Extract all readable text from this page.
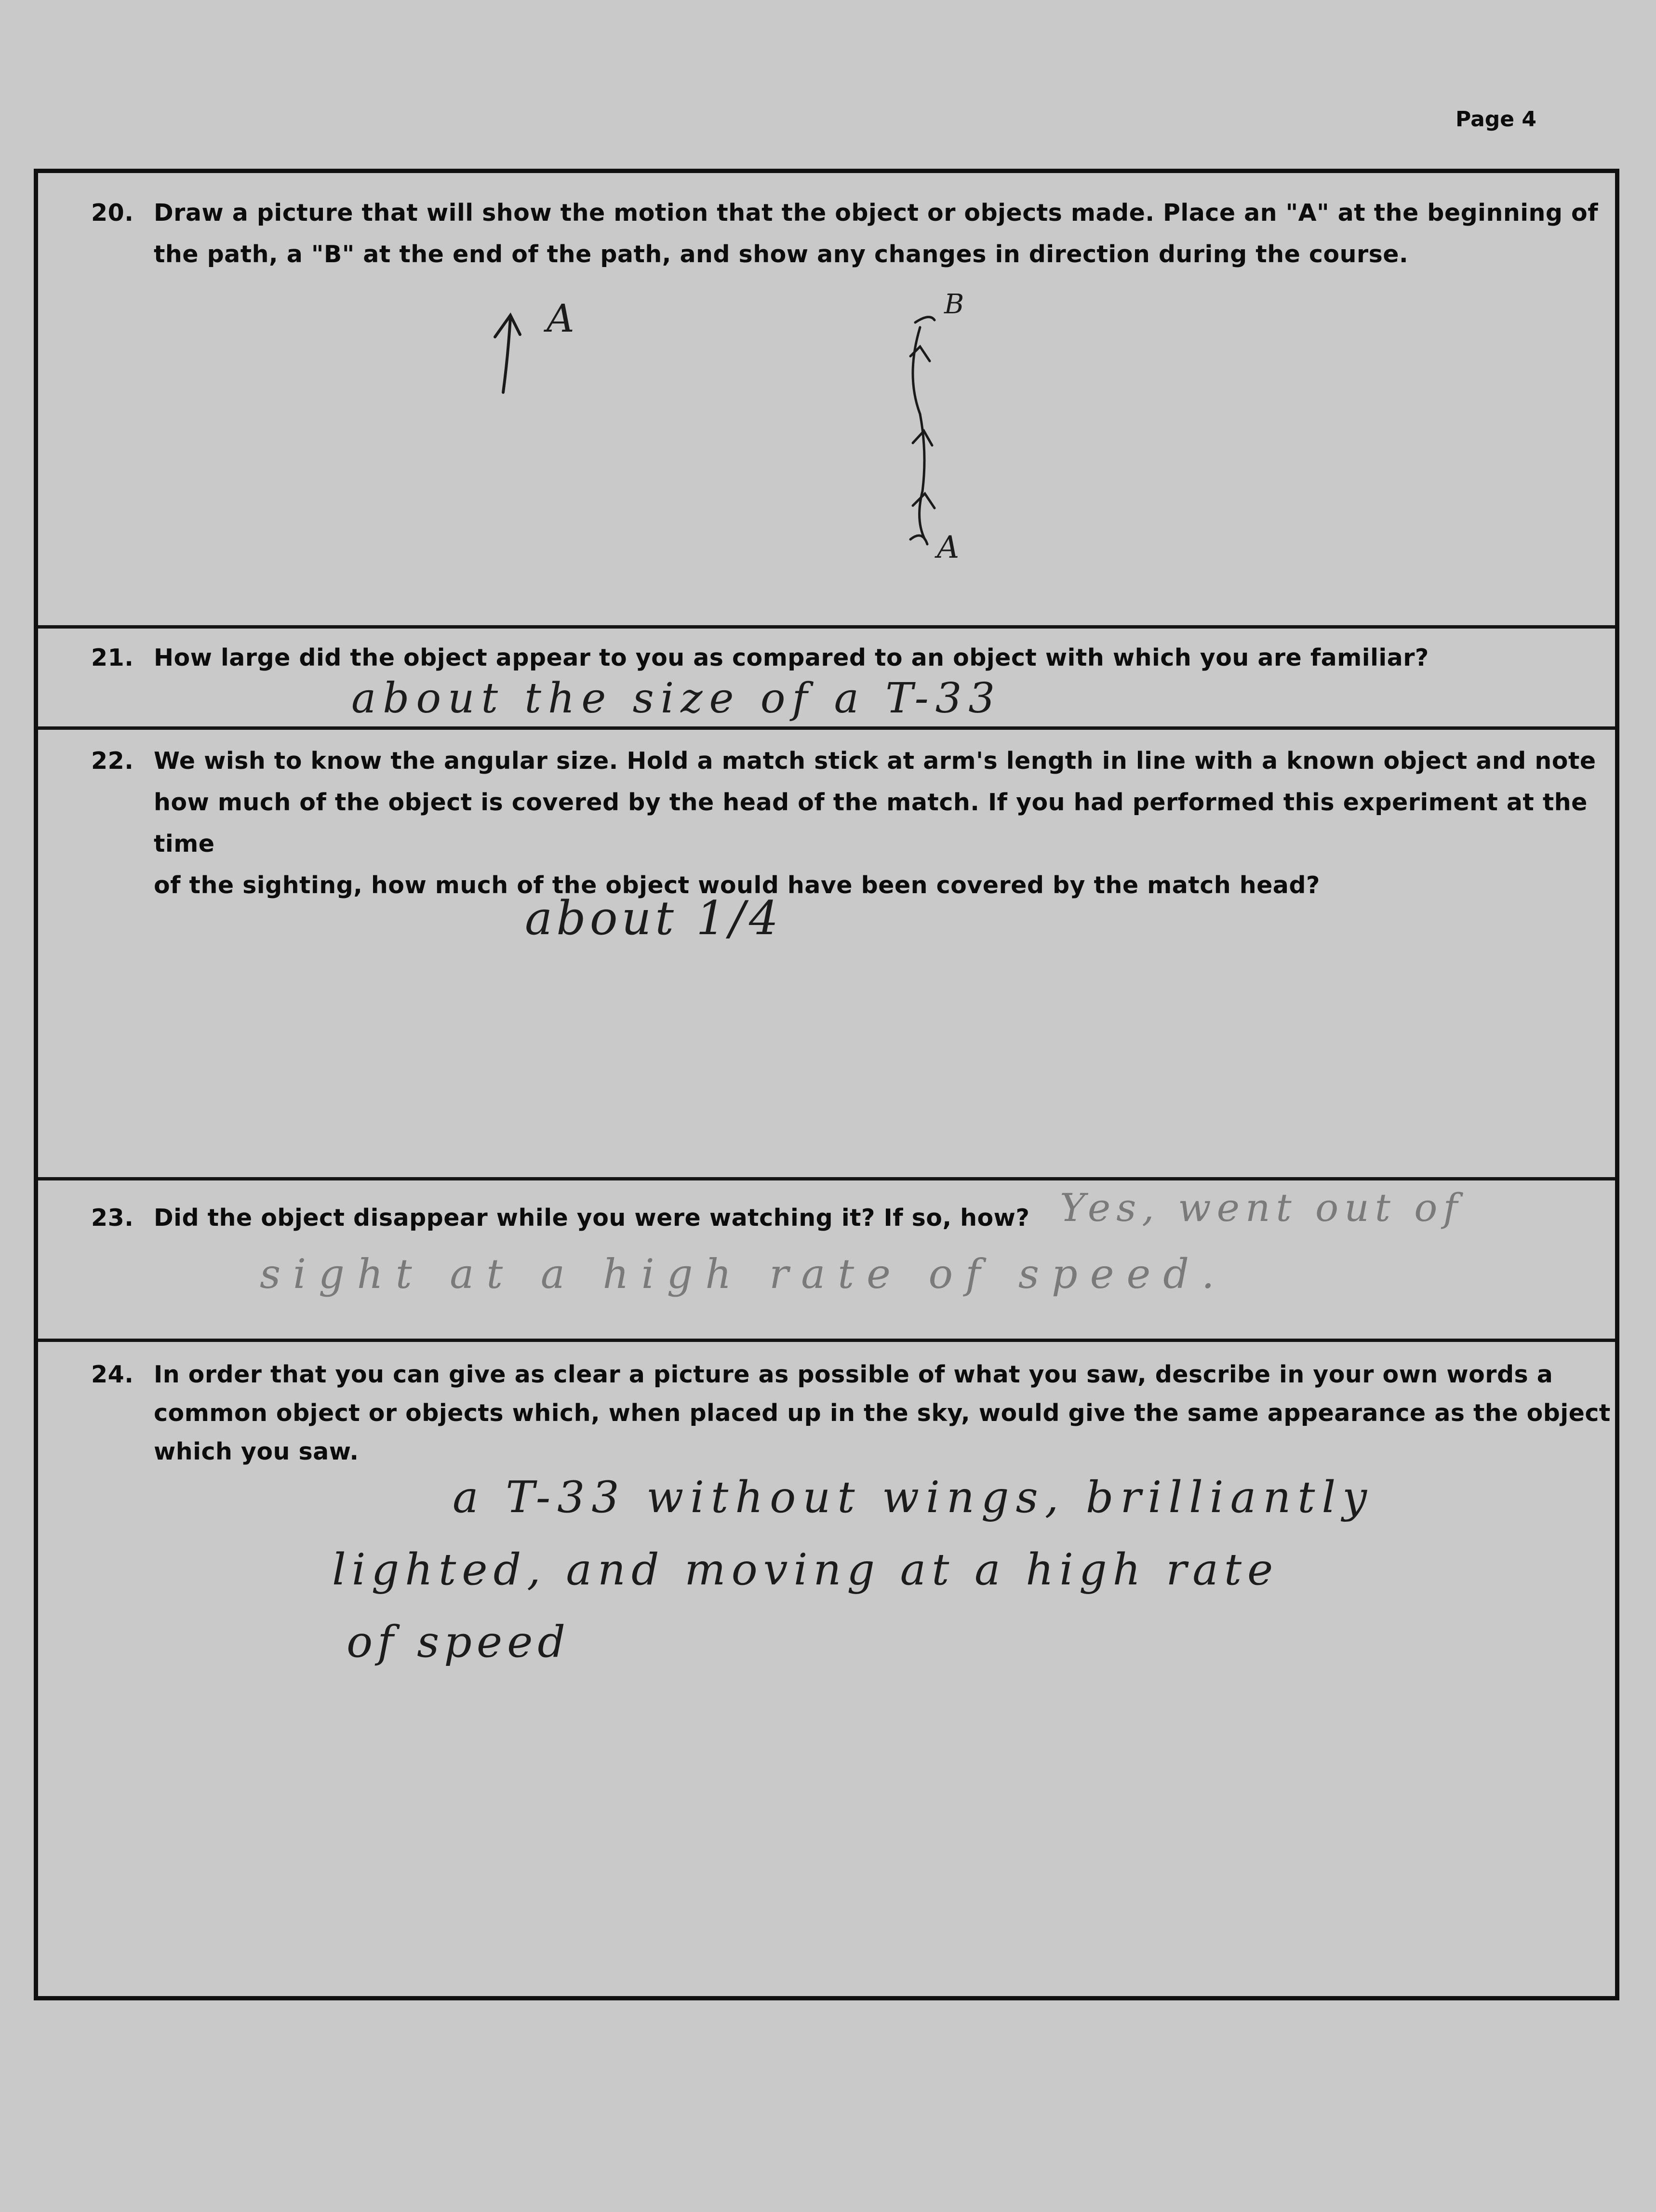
Page 4
20. Draw a picture that will show the motion that the object or objects made. Place an "A" at the beginning of
the path, a "B" at the end of the path, and show any changes in direction during the course.
A	B
A
21. How large did the object appear to you as compared to an object with which you are familiar?
about the size of a T-33
22. We wish to know the angular size. Hold a match stick at arm's length in line with a known object and note
how much of the object is covered by the head of the match. If you had performed this experiment at the time
of the sighting, how much of the object would have been covered by the match head?
about 1/4
23. Did the object disappear while you were watching it? If so, how? Yes, went out of
sight at a high rate of speed.
24. In order that you can give as clear a picture as possible of what you saw, describe in your own words a
common object or objects which, when placed up in the sky, would give the same appearance as the object
which you saw.
a T-33 without wings, brilliantly
lighted, and moving at a high rate
of speed
